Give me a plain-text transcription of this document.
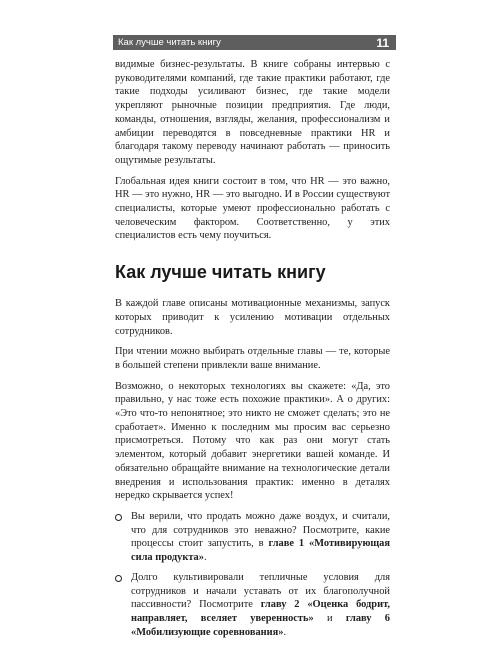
Как лучше читать книгу	11

видимые бизнес-результаты. В книге собраны интервью с руководителями компаний, где такие практики работают, где такие подходы усиливают бизнес, где такие модели укрепляют рыночные позиции предприятия. Где люди, команды, отношения, взгляды, желания, профессионализм и амбиции переводятся в повседневные практики HR и благодаря такому переводу начинают работать — приносить ощутимые результаты.

Глобальная идея книги состоит в том, что HR — это важно, HR — это нужно, HR — это выгодно. И в России существуют специалисты, которые умеют профессионально работать с человеческим фактором. Соответственно, у этих специалистов есть чему поучиться.

Как лучше читать книгу

В каждой главе описаны мотивационные механизмы, запуск которых приводит к усилению мотивации отдельных сотрудников.

При чтении можно выбирать отдельные главы — те, которые в большей степени привлекли ваше внимание.

Возможно, о некоторых технологиях вы скажете: «Да, это правильно, у нас тоже есть похожие практики». А о других: «Это что-то непонятное; это никто не сможет сделать; это не сработает». Именно к последним мы просим вас серьезно присмотреться. Потому что как раз они могут стать элементом, который добавит энергетики вашей команде. И обязательно обращайте внимание на технологические детали внедрения и использования практик: именно в деталях нередко скрывается успех!

Вы верили, что продать можно даже воздух, и считали, что для сотрудников это неважно? Посмотрите, какие процессы стоит запустить, в главе 1 «Мотивирующая сила продукта».
Долго культивировали тепличные условия для сотрудников и начали уставать от их благополучной пассивности? Посмотрите главу 2 «Оценка бодрит, направляет, вселяет уверенность» и главу 6 «Мобилизующие соревнования».
